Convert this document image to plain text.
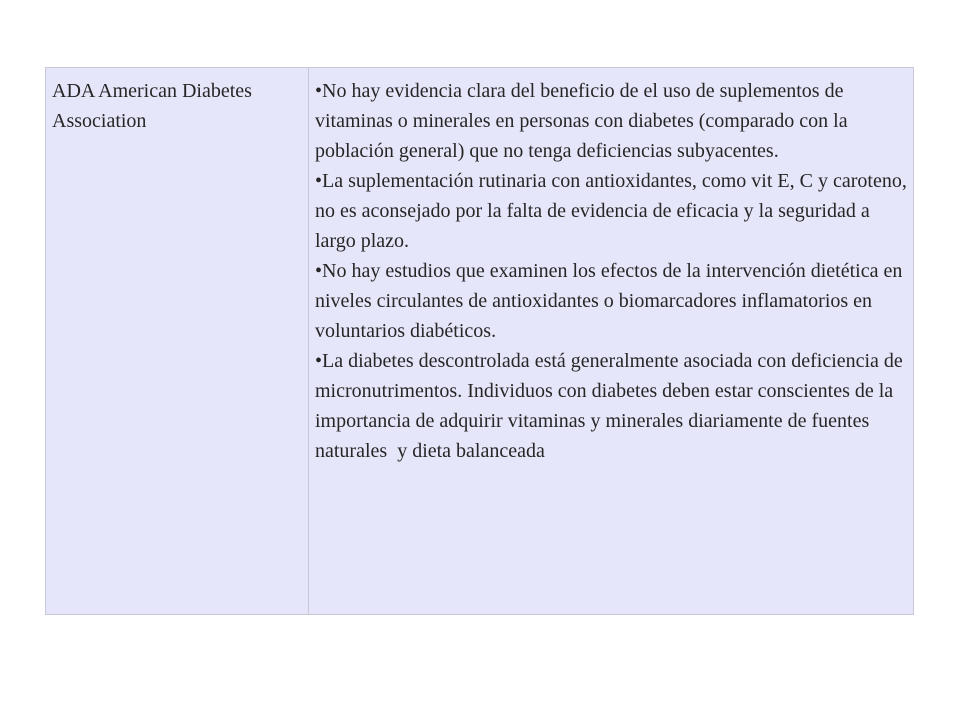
ADA American Diabetes Association

•No hay evidencia clara del beneficio de el uso de suplementos de vitaminas o minerales en personas con diabetes (comparado con la población general) que no tenga deficiencias subyacentes.

•La suplementación rutinaria con antioxidantes, como vit E, C y caroteno, no es aconsejado por la falta de evidencia de eficacia y la seguridad a largo plazo.

•No hay estudios que examinen los efectos de la intervención dietética en niveles circulantes de antioxidantes o biomarcadores inflamatorios en voluntarios diabéticos.

•La diabetes descontrolada está generalmente asociada con deficiencia de micronutrimentos. Individuos con diabetes deben estar conscientes de la importancia de adquirir vitaminas y minerales diariamente de fuentes naturales  y dieta balanceada
